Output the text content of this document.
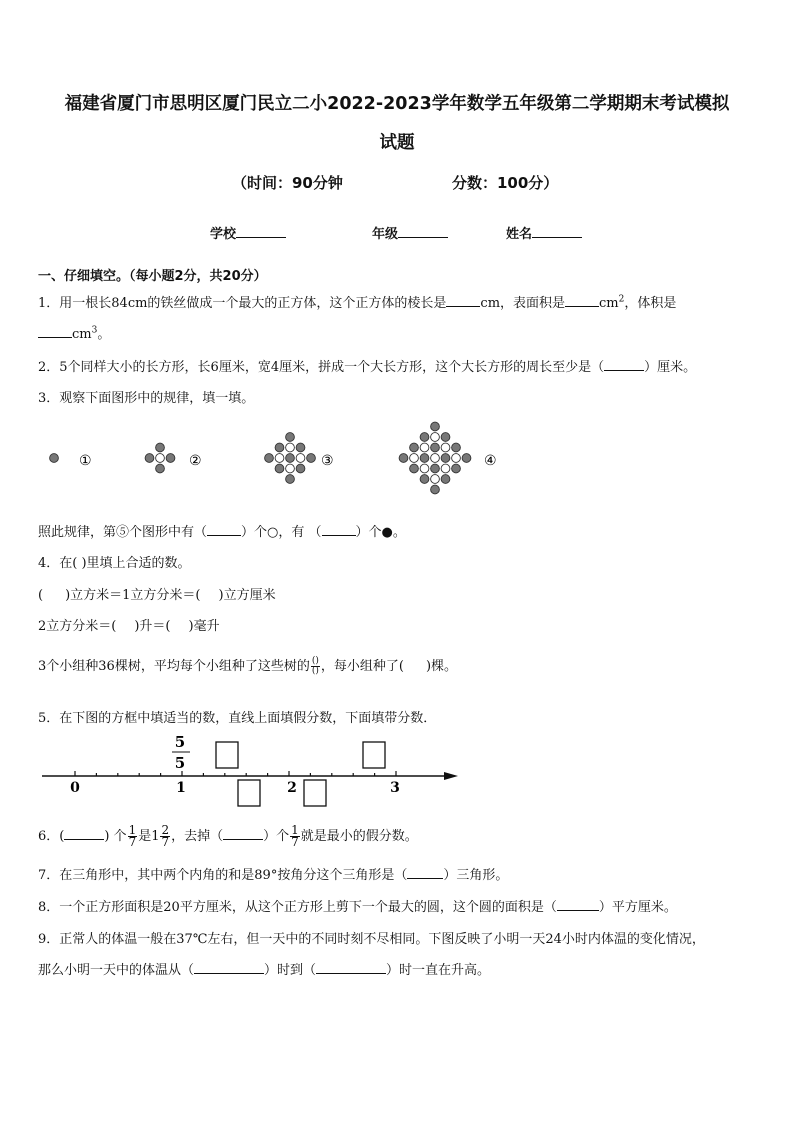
福建省厦门市思明区厦门民立二小2022-2023学年数学五年级第二学期期末考试模拟
试题
（时间：90分钟	分数：100分）
学校	年级	姓名
一、仔细填空。（每小题2分，共20分）
1．用一根长84cm的铁丝做成一个最大的正方体，这个正方体的棱长是	cm，表面积是	$cm^2$，体积是
$cm^3$。
2．5个同样大小的长方形，长6厘米，宽4厘米，拼成一个大长方形，这个大长方形的周长至少是（	）厘米。
3．观察下面图形中的规律，填一填。
①	②	③	④
照此规律，第⑤个图形中有（	）个○，有 （	）个●。
4．在( )里填上合适的数。
( )立方米＝1立方分米＝( )立方厘米
2立方分米＝( )升＝( )毫升
3个小组种36棵树，平均每个小组种了这些树的 $\frac{()}{()}$ ，每小组种了( )棵。
5．在下图的方框中填适当的数，直线上面填假分数，下面填带分数．
5
5
0	1	2	3
6．(	) 个 $\frac{1}{7}$ 是$1 \frac{2}{7}$ ，去掉（	）个 $\frac{1}{7}$ 就是最小的假分数。
7．在三角形中，其中两个内角的和是89°按角分这个三角形是（	）三角形。
8．一个正方形面积是20平方厘米，从这个正方形上剪下一个最大的圆，这个圆的面积是（	）平方厘米。
9．正常人的体温一般在37℃左右，但一天中的不同时刻不尽相同。下图反映了小明一天24小时内体温的变化情况，
那么小明一天中的体温从（	）时到（	）时一直在升高。
